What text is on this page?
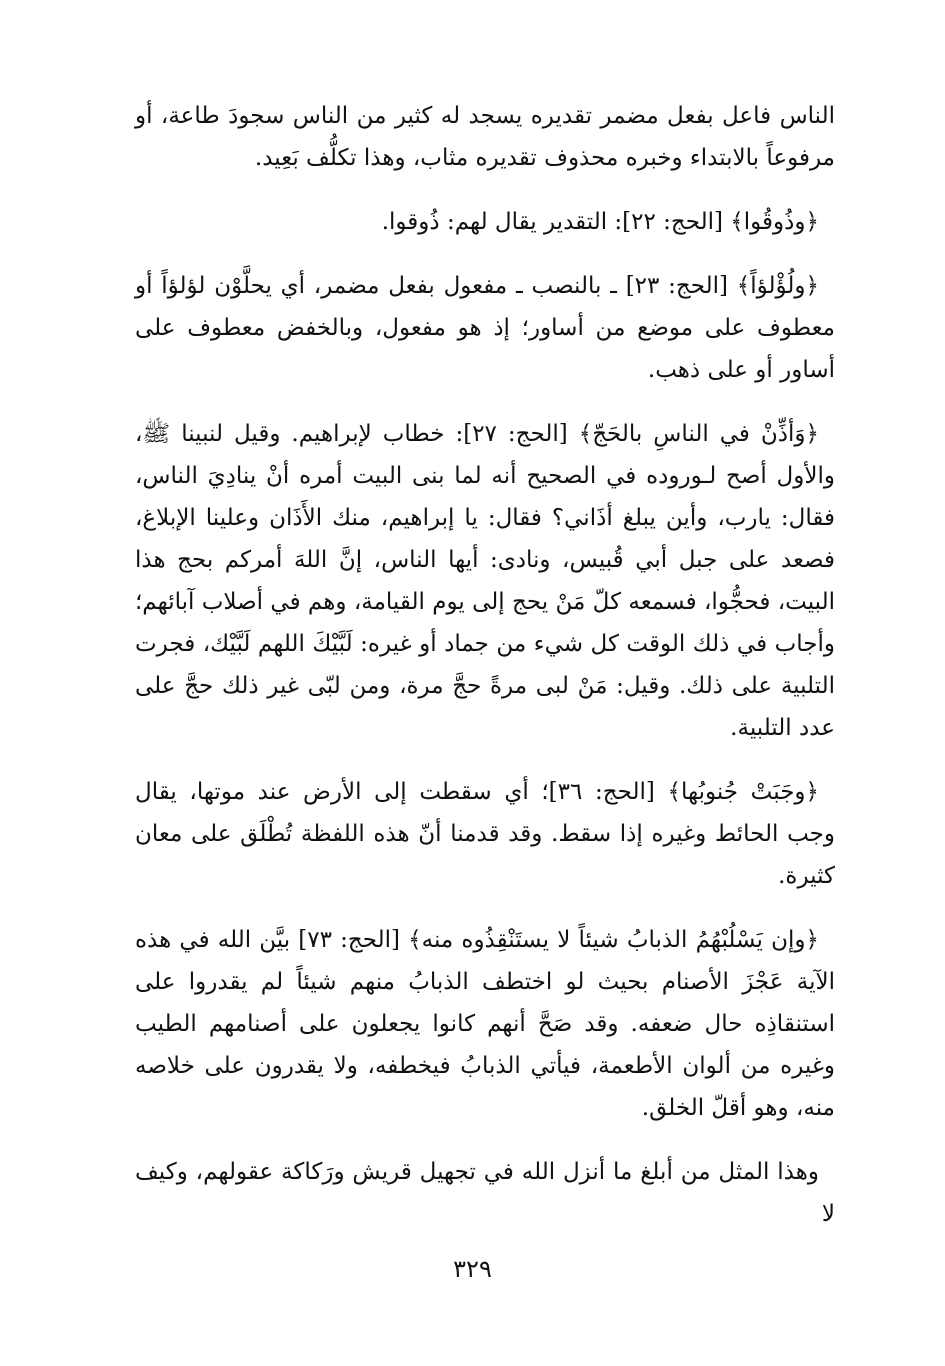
الناس فاعل بفعل مضمر تقديره يسجد له كثير من الناس سجودَ طاعة، أو مرفوعاً بالابتداء وخبره محذوف تقديره مثاب، وهذا تكلُّف بَعِيد.

﴿وذُوقُوا﴾ [الحج: ٢٢]: التقدير يقال لهم: ذُوقوا.

﴿ولُؤْلؤاً﴾ [الحج: ٢٣] ـ بالنصب ـ مفعول بفعل مضمر، أي يحلَّوْن لؤلؤاً أو معطوف على موضع من أساور؛ إذ هو مفعول، وبالخفض معطوف على أساور أو على ذهب.

﴿وَأذِّنْ في الناسِ بالحَجّ﴾ [الحج: ٢٧]: خطاب لإبراهيم. وقيل لنبينا ﷺ، والأول أصح لـوروده في الصحيح أنه لما بنى البيت أمره أنْ ينادِيَ الناس، فقال: يارب، وأين يبلغ أذَاني؟ فقال: يا إبراهيم، منك الأَذَان وعلينا الإبلاغ، فصعد على جبل أبي قُبيس، ونادى: أيها الناس، إنَّ اللهَ أمركم بحج هذا البيت، فحجُّوا، فسمعه كلّ مَنْ يحج إلى يوم القيامة، وهم في أصلاب آبائهم؛ وأجاب في ذلك الوقت كل شيء من جماد أو غيره: لَبَّيْكَ اللهم لَبَّيْك، فجرت التلبية على ذلك. وقيل: مَنْ لبى مرةً حجَّ مرة، ومن لبّى غير ذلك حجَّ على عدد التلبية.

﴿وجَبَتْ جُنوبُها﴾ [الحج: ٣٦]؛ أي سقطت إلى الأرض عند موتها، يقال وجب الحائط وغيره إذا سقط. وقد قدمنا أنّ هذه اللفظة تُطْلَق على معان كثيرة.

﴿وإن يَسْلُبْهُمُ الذبابُ شيئاً لا يستَنْقِذُوه منه﴾ [الحج: ٧٣] بيَّن الله في هذه الآية عَجْزَ الأصنام بحيث لو اختطف الذبابُ منهم شيئاً لم يقدروا على استنقاذِه حال ضعفه. وقد صَحَّ أنهم كانوا يجعلون على أصنامهم الطيب وغيره من ألوان الأطعمة، فيأتي الذبابُ فيخطفه، ولا يقدرون على خلاصه منه، وهو أقلّ الخلق.

وهذا المثل من أبلغ ما أنزل الله في تجهيل قريش ورَكاكة عقولهم، وكيف لا

٣٢٩
